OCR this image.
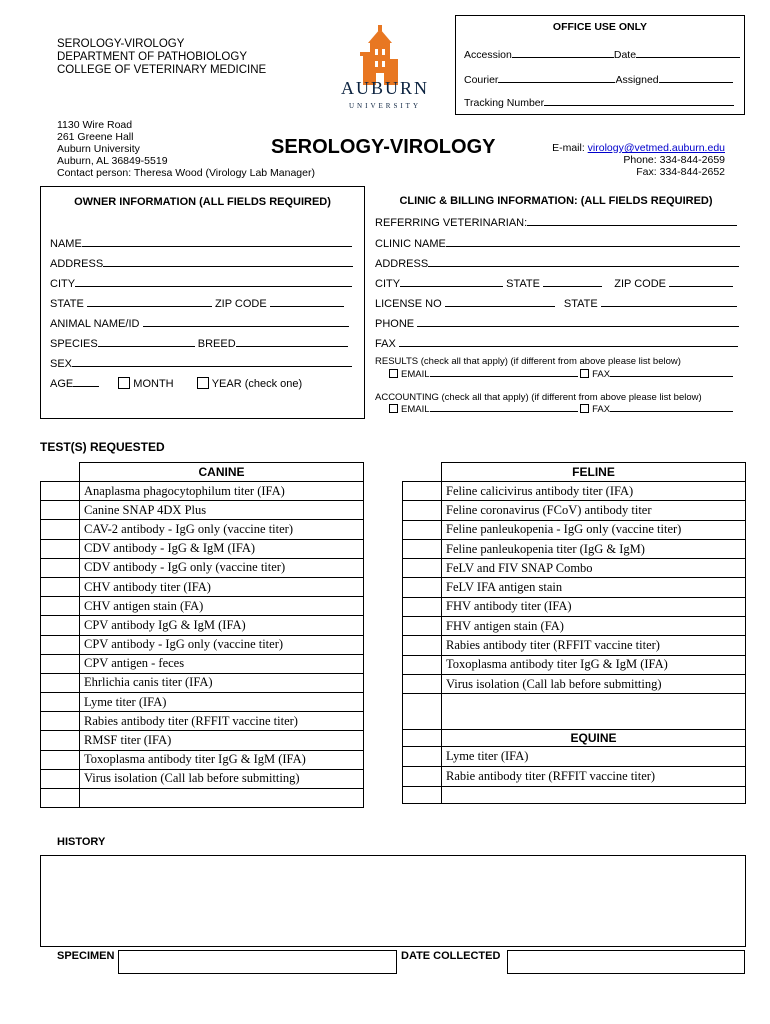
OFFICE USE ONLY
Accession	Date
Courier	Assigned
Tracking Number
SEROLOGY-VIROLOGY
DEPARTMENT OF PATHOBIOLOGY
COLLEGE OF VETERINARY MEDICINE
AUBURN
UNIVERSITY
1130 Wire Road
261 Greene Hall
Auburn University
Auburn, AL 36849-5519
Contact person: Theresa Wood (Virology Lab Manager)
SEROLOGY-VIROLOGY	E-mail: virology@vetmed.auburn.edu
Phone: 334-844-2659
Fax: 334-844-2652
OWNER INFORMATION (ALL FIELDS REQUIRED)
NAME
ADDRESS
CITY
STATE	ZIP CODE
ANIMAL NAME/ID
SPECIES	BREED
SEX
AGE	MONTH	YEAR (check one)
CLINIC & BILLING INFORMATION: (ALL FIELDS REQUIRED)
REFERRING VETERINARIAN:
CLINIC NAME
ADDRESS
CITY	STATE	ZIP CODE
LICENSE NO	STATE
PHONE
FAX
RESULTS (check all that apply) (if different from above please list below)
EMAIL	FAX
ACCOUNTING (check all that apply) (if different from above please list below)
EMAIL	FAX
TEST(S) REQUESTED
	CANINE
	Anaplasma phagocytophilum titer (IFA)
	Canine SNAP 4DX Plus
	CAV-2 antibody - IgG only (vaccine titer)
	CDV antibody - IgG & IgM (IFA)
	CDV antibody - IgG only (vaccine titer)
	CHV antibody titer (IFA)
	CHV antigen stain (FA)
	CPV antibody IgG & IgM (IFA)
	CPV antibody - IgG only (vaccine titer)
	CPV antigen - feces
	Ehrlichia canis titer (IFA)
	Lyme titer (IFA)
	Rabies antibody titer (RFFIT vaccine titer)
	RMSF titer (IFA)
	Toxoplasma antibody titer IgG & IgM (IFA)
	Virus isolation (Call lab before submitting)

	FELINE
	Feline calicivirus antibody titer (IFA)
	Feline coronavirus (FCoV) antibody titer
	Feline panleukopenia - IgG only (vaccine titer)
	Feline panleukopenia titer (IgG & IgM)
	FeLV and FIV SNAP Combo
	FeLV IFA antigen stain
	FHV antibody titer (IFA)
	FHV antigen stain (FA)
	Rabies antibody titer (RFFIT vaccine titer)
	Toxoplasma antibody titer IgG & IgM (IFA)
	Virus isolation (Call lab before submitting)

	EQUINE
	Lyme titer (IFA)
	Rabie antibody titer (RFFIT vaccine titer)

HISTORY
SPECIMEN	DATE COLLECTED
